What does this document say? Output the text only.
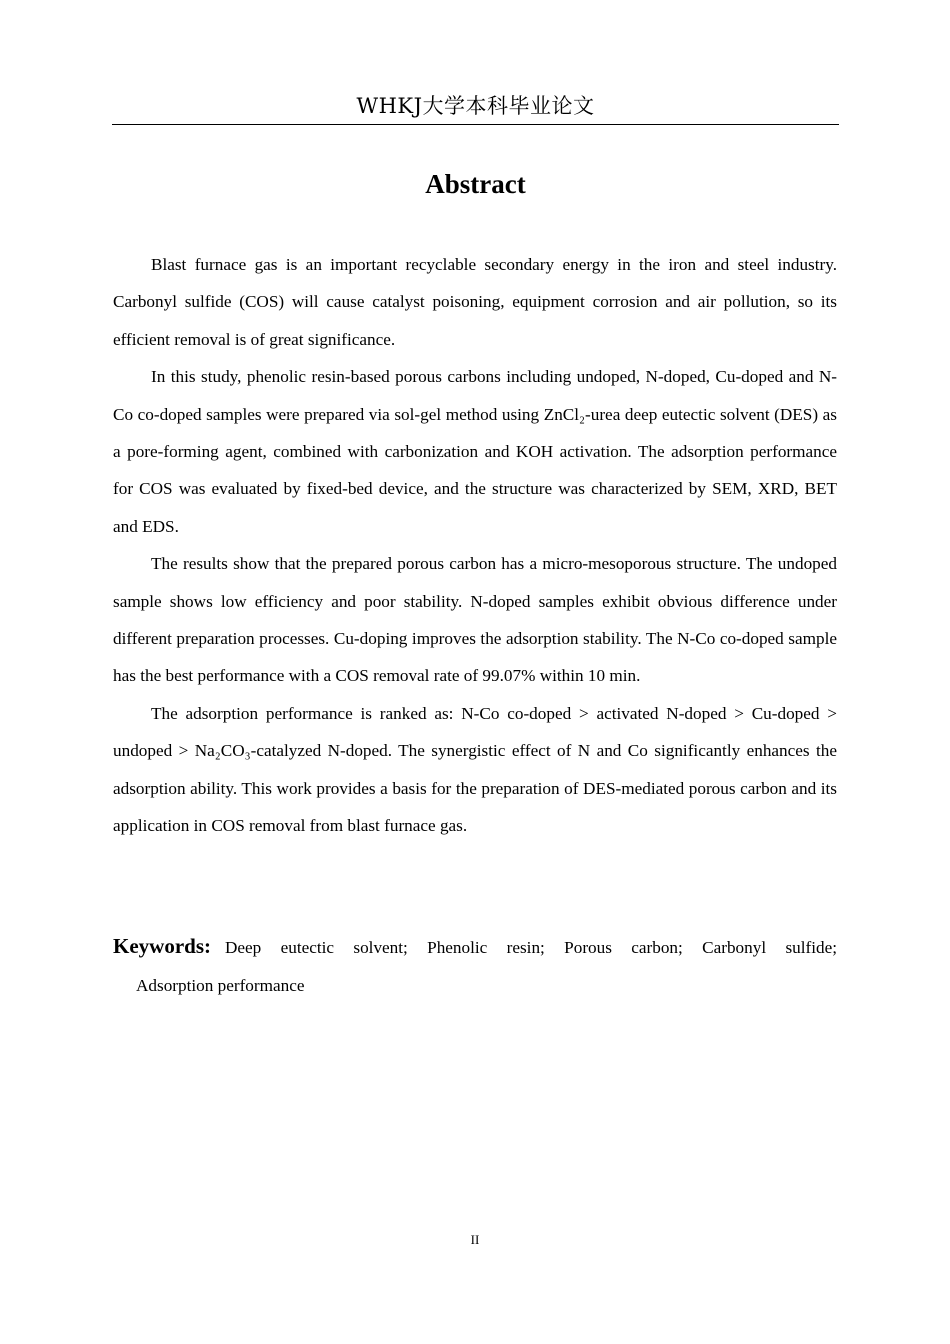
WHKJ大学本科毕业论文
Abstract

Blast furnace gas is an important recyclable secondary energy in the iron and steel industry. Carbonyl sulfide (COS) will cause catalyst poisoning, equipment corrosion and air pollution, so its efficient removal is of great significance.

In this study, phenolic resin-based porous carbons including undoped, N-doped, Cu-doped and N-Co co-doped samples were prepared via sol-gel method using ZnCl₂-urea deep eutectic solvent (DES) as a pore-forming agent, combined with carbonization and KOH activation. The adsorption performance for COS was evaluated by fixed-bed device, and the structure was characterized by SEM, XRD, BET and EDS.

The results show that the prepared porous carbon has a micro-mesoporous structure. The undoped sample shows low efficiency and poor stability. N-doped samples exhibit obvious difference under different preparation processes. Cu-doping improves the adsorption stability. The N-Co co-doped sample has the best performance with a COS removal rate of 99.07% within 10 min.

The adsorption performance is ranked as: N-Co co-doped > activated N-doped > Cu-doped > undoped > Na₂CO₃-catalyzed N-doped. The synergistic effect of N and Co significantly enhances the adsorption ability. This work provides a basis for the preparation of DES-mediated porous carbon and its application in COS removal from blast furnace gas.

Keywords: Deep eutectic solvent; Phenolic resin; Porous carbon; Carbonyl sulfide;
Adsorption performance
II
